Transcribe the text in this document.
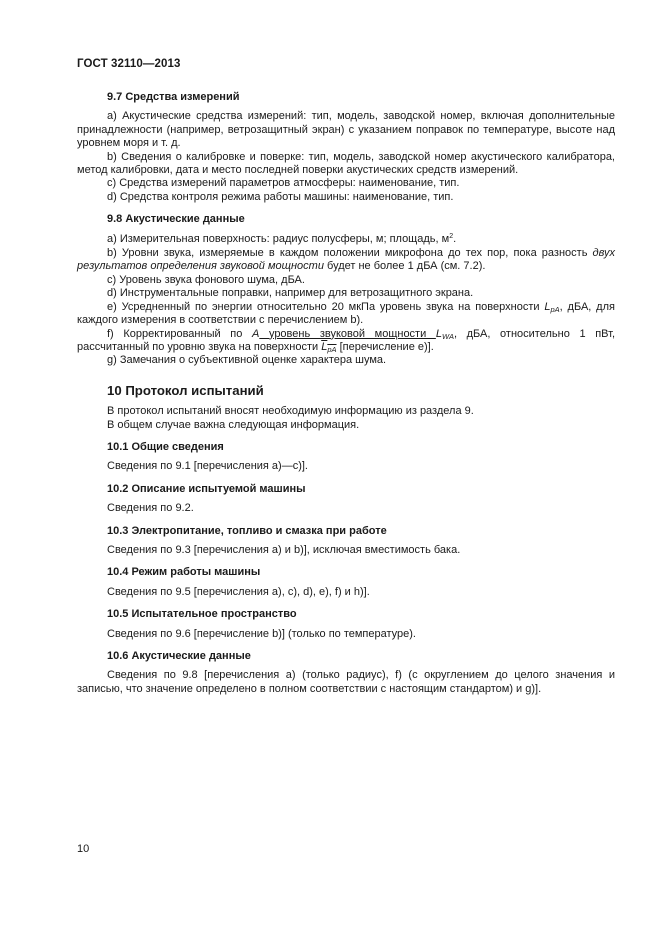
ГОСТ 32110—2013
9.7 Средства измерений

a) Акустические средства измерений: тип, модель, заводской номер, включая дополнительные принадлежности (например, ветрозащитный экран) с указанием поправок по температуре, высоте над уровнем моря и т. д.

b) Сведения о калибровке и поверке: тип, модель, заводской номер акустического калибратора, метод калибровки, дата и место последней поверки акустических средств измерений.

c) Средства измерений параметров атмосферы: наименование, тип.

d) Средства контроля режима работы машины: наименование, тип.

9.8 Акустические данные

a) Измерительная поверхность: радиус полусферы, м; площадь, $м^2$.

b) Уровни звука, измеряемые в каждом положении микрофона до тех пор, пока разность двух результатов определения звуковой мощности будет не более 1 дБА (см. 7.2).

c) Уровень звука фонового шума, дБА.

d) Инструментальные поправки, например для ветрозащитного экрана.

e) Усредненный по энергии относительно 20 мкПа уровень звука на поверхности LpA, дБА, для каждого измерения в соответствии с перечислением b).

f) Корректированный по А уровень звуковой мощности LWA, дБА, относительно 1 пВт, рассчитанный по уровню звука на поверхности LpA [перечисление e)].

g) Замечания о субъективной оценке характера шума.

10 Протокол испытаний

В протокол испытаний вносят необходимую информацию из раздела 9.

В общем случае важна следующая информация.

10.1 Общие сведения

Сведения по 9.1 [перечисления а)—с)].

10.2 Описание испытуемой машины

Сведения по 9.2.

10.3 Электропитание, топливо и смазка при работе

Сведения по 9.3 [перечисления a) и b)], исключая вместимость бака.

10.4 Режим работы машины

Сведения по 9.5 [перечисления a), c), d), e), f) и h)].

10.5 Испытательное пространство

Сведения по 9.6 [перечисление b)] (только по температуре).

10.6 Акустические данные

Сведения по 9.8 [перечисления a) (только радиус), f) (с округлением до целого значения и записью, что значение определено в полном соответствии с настоящим стандартом) и g)].

10
